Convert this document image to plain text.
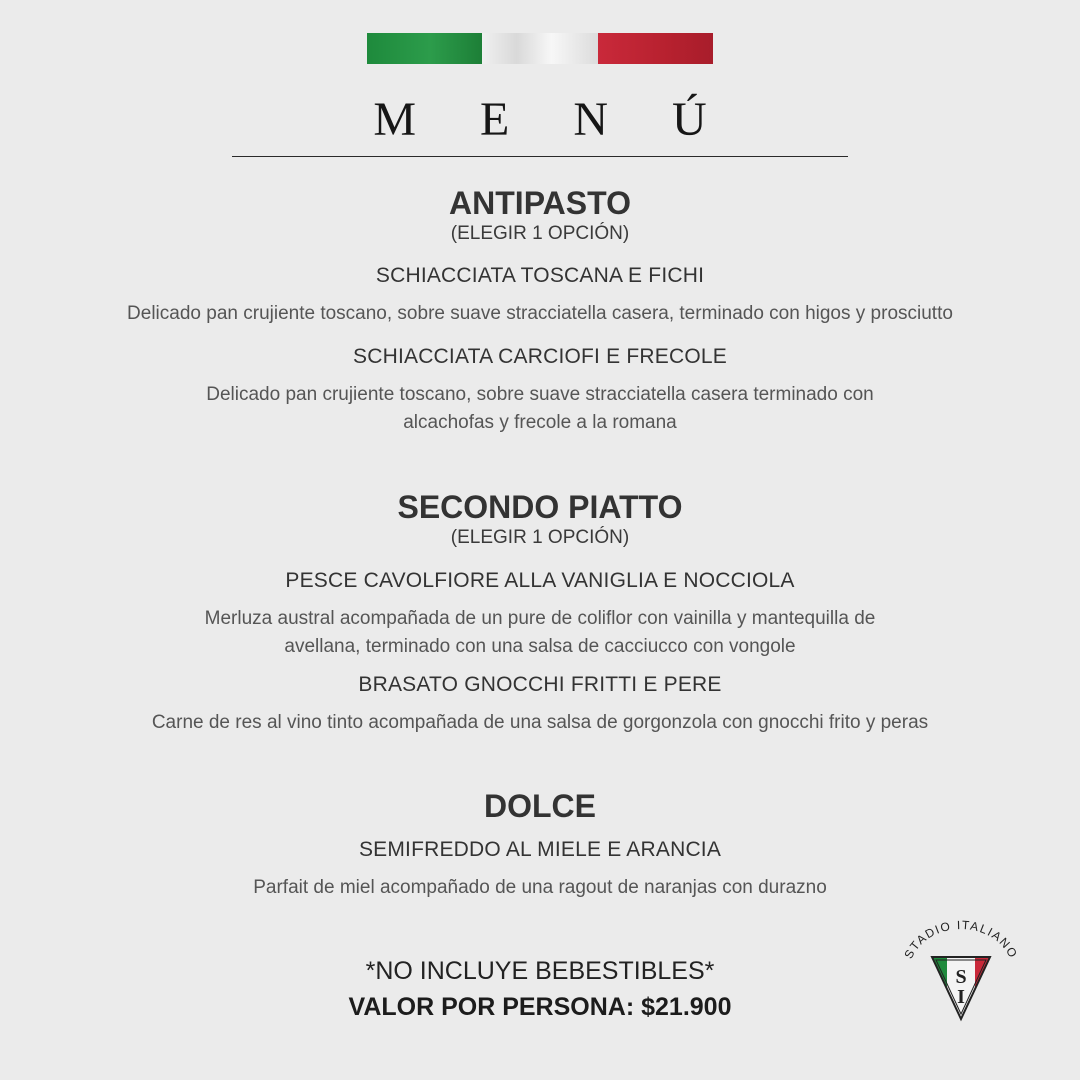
M E N Ú
ANTIPASTO
(ELEGIR 1 OPCIÓN)
SCHIACCIATA TOSCANA E FICHI
Delicado pan crujiente toscano, sobre suave stracciatella casera, terminado con higos y prosciutto
SCHIACCIATA CARCIOFI E FRECOLE
Delicado pan crujiente toscano, sobre suave stracciatella casera terminado con
alcachofas y frecole a la romana
SECONDO PIATTO
(ELEGIR 1 OPCIÓN)
PESCE CAVOLFIORE ALLA VANIGLIA E NOCCIOLA
Merluza austral acompañada de un pure de coliflor con vainilla y mantequilla de
avellana, terminado con una salsa de cacciucco con vongole
BRASATO GNOCCHI FRITTI E PERE
Carne de res al vino tinto acompañada de una salsa de gorgonzola con gnocchi frito y peras
DOLCE
SEMIFREDDO AL MIELE E ARANCIA
Parfait de miel acompañado de una ragout de naranjas con durazno
*NO INCLUYE BEBESTIBLES*
VALOR POR PERSONA: $21.900
STADIO ITALIANO
S
I
